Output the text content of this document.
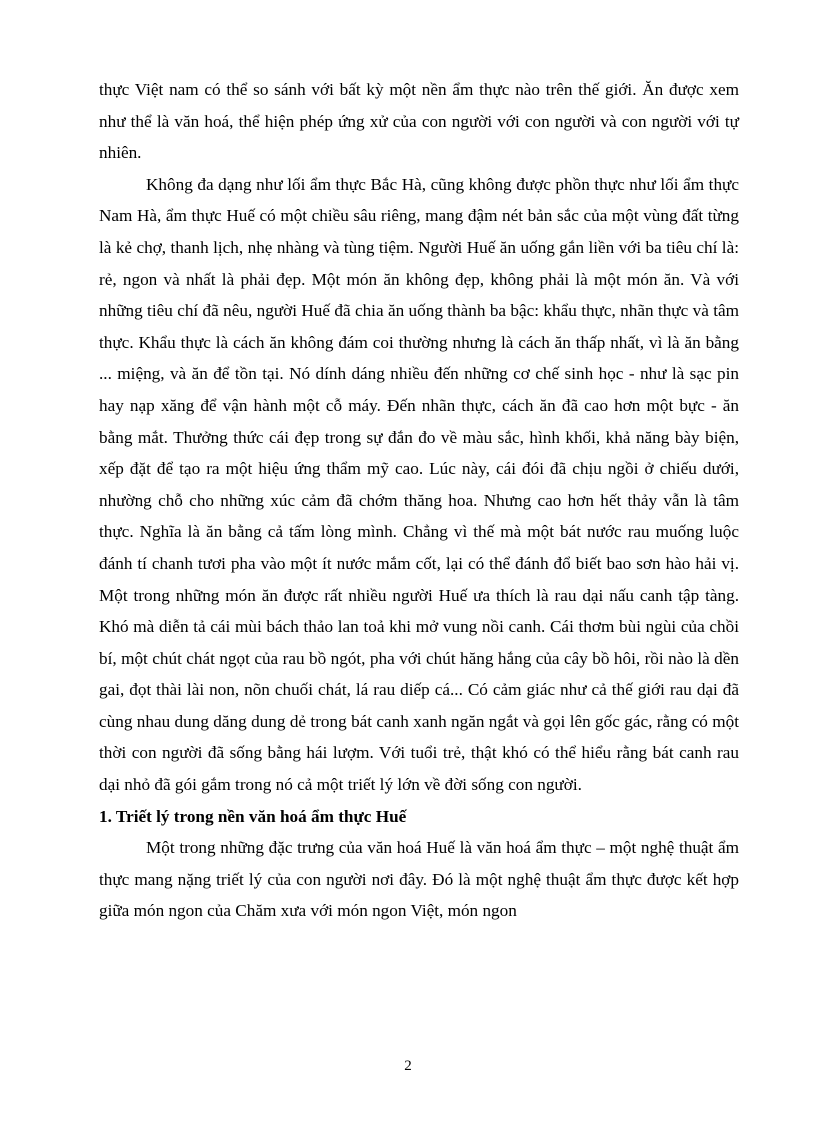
thực Việt nam có thể so sánh với bất kỳ một nền ẩm thực nào trên thế giới. Ăn được xem như thể là văn hoá, thể hiện phép ứng xử của con người với con người và con người với tự nhiên.

Không đa dạng như lối ẩm thực Bắc Hà, cũng không được phồn thực như lối ẩm thực Nam Hà, ẩm thực Huế có một chiều sâu riêng, mang đậm nét bản sắc của một vùng đất từng là kẻ chợ, thanh lịch, nhẹ nhàng và tùng tiệm. Người Huế ăn uống gắn liền với ba tiêu chí là: rẻ, ngon và nhất là phải đẹp. Một món ăn không đẹp, không phải là một món ăn. Và với những tiêu chí đã nêu, người Huế đã chia ăn uống thành ba bậc: khẩu thực, nhãn thực và tâm thực. Khẩu thực là cách ăn không đám coi thường nhưng là cách ăn thấp nhất, vì là ăn bằng ... miệng, và ăn để tồn tại. Nó dính dáng nhiều đến những cơ chế sinh học - như là sạc pin hay nạp xăng để vận hành một cỗ máy. Đến nhãn thực, cách ăn đã cao hơn một bực - ăn bằng mắt. Thưởng thức cái đẹp trong sự đắn đo về màu sắc, hình khối, khả năng bày biện, xếp đặt để tạo ra một hiệu ứng thẩm mỹ cao. Lúc này, cái đói đã chịu ngồi ở chiếu dưới, nhường chỗ cho những xúc cảm đã chớm thăng hoa. Nhưng cao hơn hết thảy vẫn là tâm thực. Nghĩa là ăn bằng cả tấm lòng mình. Chẳng vì thế mà một bát nước rau muống luộc đánh tí chanh tươi pha vào một ít nước mắm cốt, lại có thể đánh đổ biết bao sơn hào hải vị. Một trong những món ăn được rất nhiều người Huế ưa thích là rau dại nấu canh tập tàng. Khó mà diễn tả cái mùi bách thảo lan toả khi mở vung nồi canh. Cái thơm bùi ngùi của chồi bí, một chút chát ngọt của rau bồ ngót, pha với chút hăng hắng của cây bồ hôi, rồi nào là dền gai, đọt thài lài non, nõn chuối chát, lá rau diếp cá... Có cảm giác như cả thế giới rau dại đã cùng nhau dung dăng dung dẻ trong bát canh xanh ngăn ngắt và gọi lên gốc gác, rằng có một thời con người đã sống bằng hái lượm. Với tuổi trẻ, thật khó có thể hiểu rằng bát canh rau dại nhỏ đã gói gắm trong nó cả một triết lý lớn về đời sống con người.

1. Triết lý trong nền văn hoá ẩm thực Huế

Một trong những đặc trưng của văn hoá Huế là văn hoá ẩm thực – một nghệ thuật ẩm thực mang nặng triết lý của con người nơi đây. Đó là một nghệ thuật ẩm thực được kết hợp giữa món ngon của Chăm xưa với món ngon Việt, món ngon

2
